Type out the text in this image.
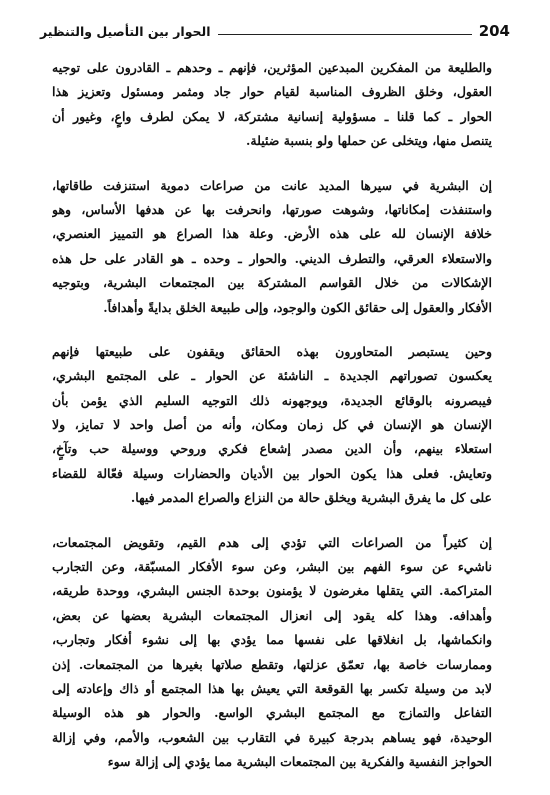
الحوار بين التأصيل والتنظير	204
والطليعة من المفكرين المبدعين المؤثرين، فإنهم ـ وحدهم ـ القادرون على توجيه
العقول، وخلق الظروف المناسبة لقيام حوار جاد ومثمر ومسئول وتعزيز هذا
الحوار ـ كما قلنا ـ مسؤولية إنسانية مشتركة، لا يمكن لطرف واعٍ، وغيور أن
يتنصل منها، ويتخلى عن حملها ولو بنسبة ضئيلة.
إن البشرية في سيرها المديد عانت من صراعات دموية استنزفت طاقاتها،
واستنفذت إمكاناتها، وشوهت صورتها، وانحرفت بها عن هدفها الأساس، وهو
خلافة الإنسان لله على هذه الأرض. وعلة هذا الصراع هو التمييز العنصري،
والاستعلاء العرقي، والتطرف الديني. والحوار ـ وحده ـ هو القادر على حل هذه
الإشكالات من خلال القواسم المشتركة بين المجتمعات البشرية، وبتوجيه
الأفكار والعقول إلى حقائق الكون والوجود، وإلى طبيعة الخلق بدايةً وأهدافاً.
وحين يستبصر المتحاورون بهذه الحقائق ويقفون على طبيعتها فإنهم
يعكسون تصوراتهم الجديدة ـ الناشئة عن الحوار ـ على المجتمع البشري،
فيبصرونه بالوقائع الجديدة، ويوجهونه ذلك التوجيه السليم الذي يؤمن بأن
الإنسان هو الإنسان في كل زمان ومكان، وأنه من أصل واحد لا تمايز، ولا
استعلاء بينهم، وأن الدين مصدر إشعاع فكري وروحي ووسيلة حب وتآخٍ،
وتعايش. فعلى هذا يكون الحوار بين الأديان والحضارات وسيلة فعّالة للقضاء
على كل ما يفرق البشرية ويخلق حالة من النزاع والصراع المدمر فيها.
إن كثيراً من الصراعات التي تؤدي إلى هدم القيم، وتقويض المجتمعات،
ناشيء عن سوء الفهم بين البشر، وعن سوء الأفكار المسبّقة، وعن التجارب
المتراكمة. التي يتقلها مغرضون لا يؤمنون بوحدة الجنس البشري، ووحدة طريقه،
وأهدافه. وهذا كله يقود إلى انعزال المجتمعات البشرية بعضها عن بعض،
وانكماشها، بل انغلاقها على نفسها مما يؤدي بها إلى نشوء أفكار وتجارب،
وممارسات خاصة بها، تعمّق عزلتها، وتقطع صلاتها بغيرها من المجتمعات. إذن
لابد من وسيلة تكسر بها القوقعة التي يعيش بها هذا المجتمع أو ذاك وإعادته إلى
التفاعل والتمازج مع المجتمع البشري الواسع. والحوار هو هذه الوسيلة
الوحيدة، فهو يساهم بدرجة كبيرة في التقارب بين الشعوب، والأمم، وفي إزالة
الحواجز النفسية والفكرية بين المجتمعات البشرية مما يؤدي إلى إزالة سوء
